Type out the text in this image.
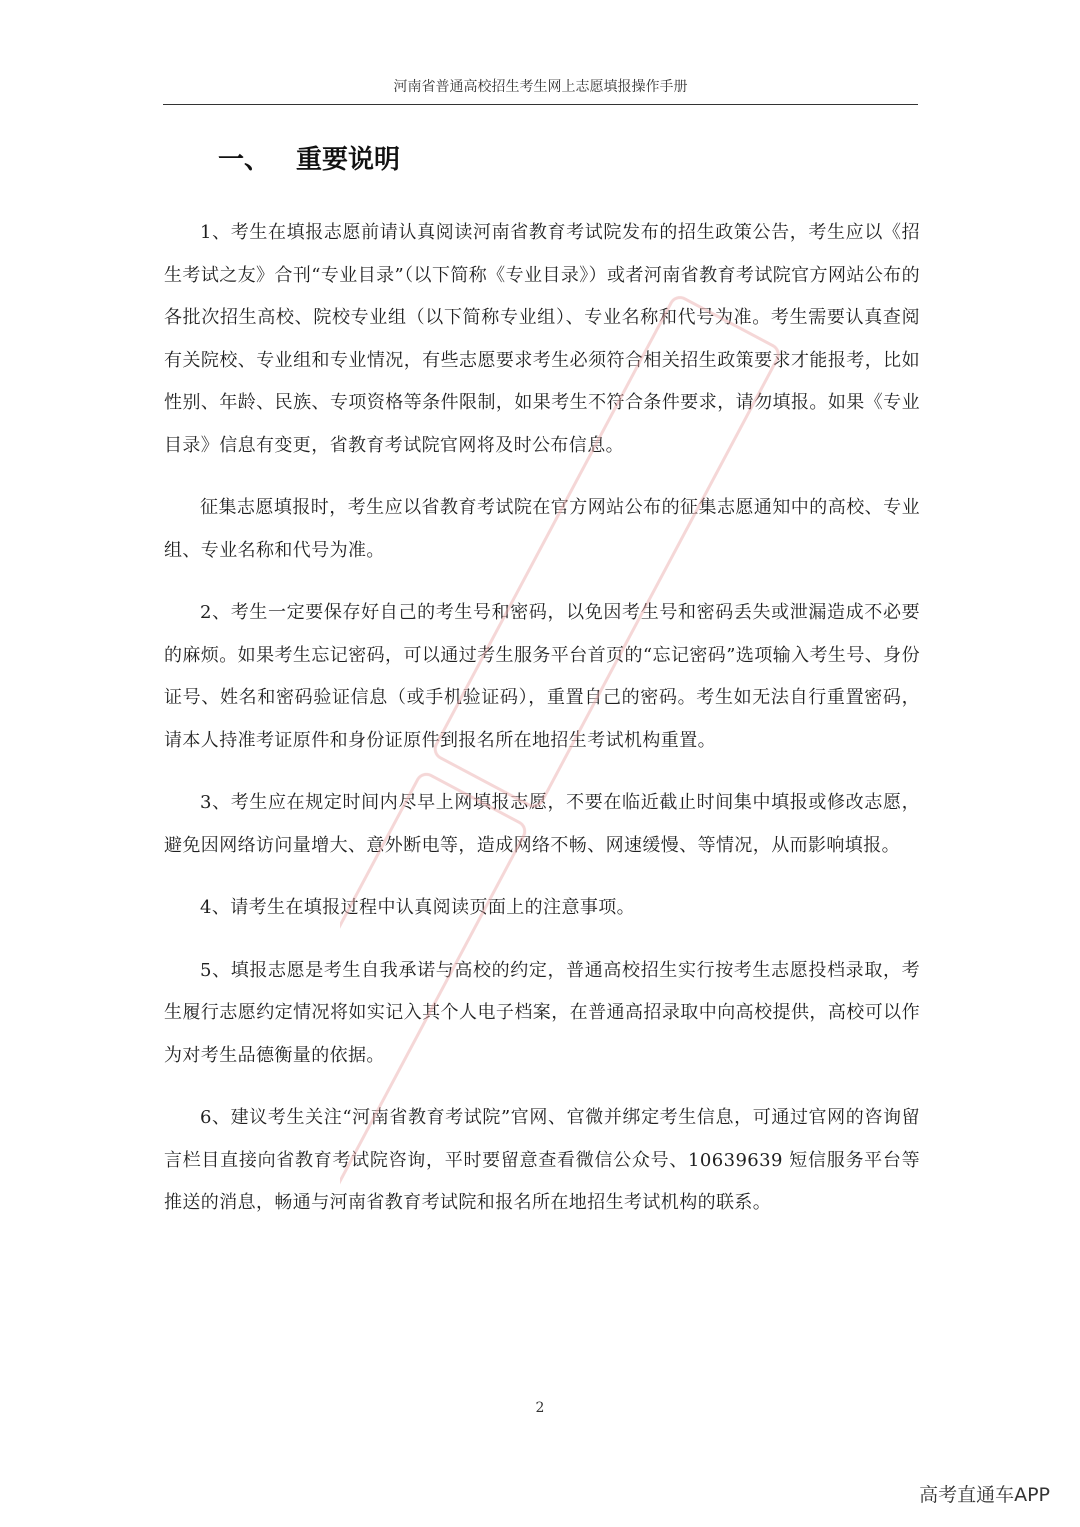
河南省普通高校招生考生网上志愿填报操作手册
一、 重要说明

1、考生在填报志愿前请认真阅读河南省教育考试院发布的招生政策公告，考生应以《招生考试之友》合刊“专业目录”（以下简称《专业目录》）或者河南省教育考试院官方网站公布的各批次招生高校、院校专业组（以下简称专业组）、专业名称和代号为准。考生需要认真查阅有关院校、专业组和专业情况，有些志愿要求考生必须符合相关招生政策要求才能报考，比如性别、年龄、民族、专项资格等条件限制，如果考生不符合条件要求，请勿填报。如果《专业目录》信息有变更，省教育考试院官网将及时公布信息。

征集志愿填报时，考生应以省教育考试院在官方网站公布的征集志愿通知中的高校、专业组、专业名称和代号为准。

2、考生一定要保存好自己的考生号和密码，以免因考生号和密码丢失或泄漏造成不必要的麻烦。如果考生忘记密码，可以通过考生服务平台首页的“忘记密码”选项输入考生号、身份证号、姓名和密码验证信息（或手机验证码），重置自己的密码。考生如无法自行重置密码，请本人持准考证原件和身份证原件到报名所在地招生考试机构重置。

3、考生应在规定时间内尽早上网填报志愿，不要在临近截止时间集中填报或修改志愿，避免因网络访问量增大、意外断电等，造成网络不畅、网速缓慢、等情况，从而影响填报。

4、请考生在填报过程中认真阅读页面上的注意事项。

5、填报志愿是考生自我承诺与高校的约定，普通高校招生实行按考生志愿投档录取，考生履行志愿约定情况将如实记入其个人电子档案，在普通高招录取中向高校提供，高校可以作为对考生品德衡量的依据。

6、建议考生关注“河南省教育考试院”官网、官微并绑定考生信息，可通过官网的咨询留言栏目直接向省教育考试院咨询，平时要留意查看微信公众号、10639639 短信服务平台等推送的消息，畅通与河南省教育考试院和报名所在地招生考试机构的联系。

2
高考直通车APP
